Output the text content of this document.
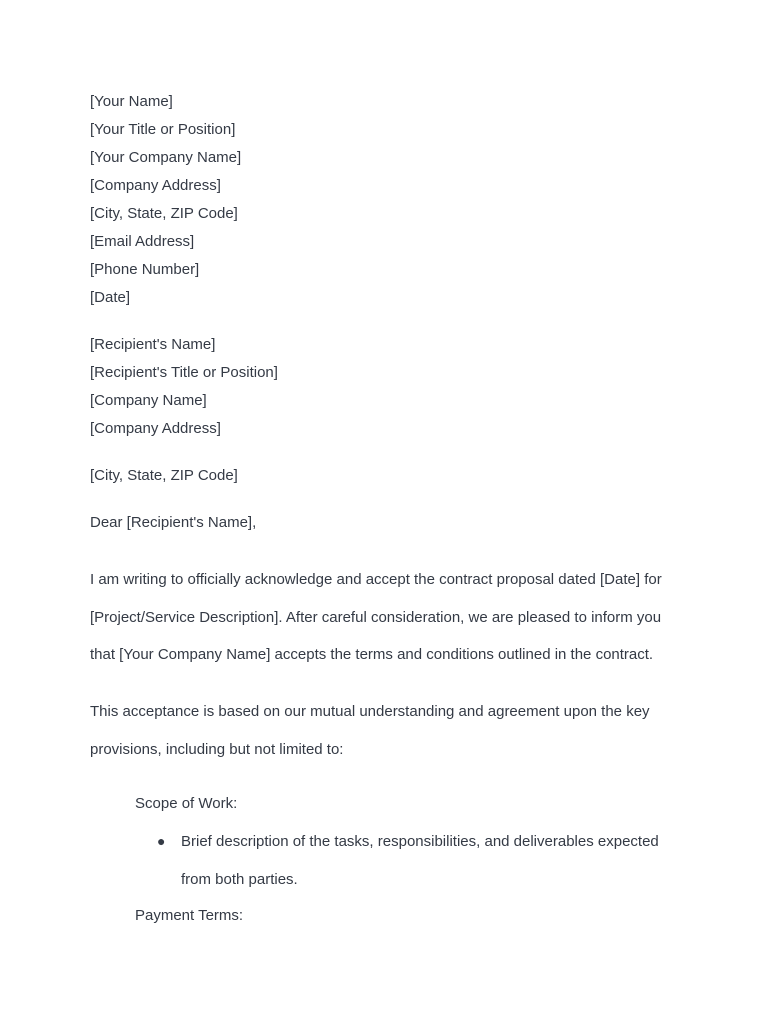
[Your Name]
[Your Title or Position]
[Your Company Name]
[Company Address]
[City, State, ZIP Code]
[Email Address]
[Phone Number]
[Date]
[Recipient's Name]
[Recipient's Title or Position]
[Company Name]
[Company Address]
[City, State, ZIP Code]
Dear [Recipient's Name],
I am writing to officially acknowledge and accept the contract proposal dated [Date] for
[Project/Service Description]. After careful consideration, we are pleased to inform you
that [Your Company Name] accepts the terms and conditions outlined in the contract.
This acceptance is based on our mutual understanding and agreement upon the key
provisions, including but not limited to:
Scope of Work:
● Brief description of the tasks, responsibilities, and deliverables expected
from both parties.
Payment Terms:
